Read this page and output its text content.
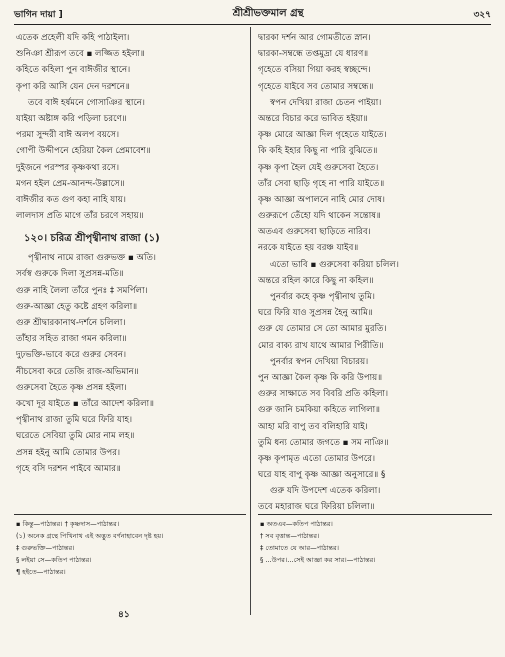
ভাগিন দায়া ]	শ্রীশ্রীভক্তমাল গ্রন্থ	৩২৭
এতেক প্রহেলী যদি কহি পাঠাইলা।
শুনিঞা শ্রীরূপ তবে ▪ লজ্জিত হইলা॥
কহিতে কহিলা পুন বাঈজীর স্থানে।
কৃপা করি আসি যেন দেন দরশনে॥
তবে বাঈ হর্ষমনে গোসাঞির স্থানে।
যাইয়া অষ্টাঙ্গ করি পড়িলা চরণে॥
পরমা সুন্দরী বাঈ অলপ বয়সে।
গোপী উদ্দীপনে হেরিয়া কৈল প্রেমাবেশ॥
দুইজনে পরস্পর কৃষ্ণকথা রসে।
মগন হইল প্রেম-আনন্দ-উল্লাসে॥
বাঈজীর কত গুণ কহা নাহি যায়।
লালদাস প্রতি মাগে তাঁর চরণে সহায়॥
১২০। চরিত্র শ্রীপৃথ্বীনাথ রাজা (১)
পৃথ্বীনাথ নামে রাজা গুরুভক্ত ▪ অতি।
সর্বস্ব গুরুকে দিলা সুপ্রসন্ন-মতি॥
গুরু নাহি লৈলা তাঁরে পুনঃ ‡ সমর্পিলা।
গুরু-আজ্ঞা হেতু কষ্টে গ্রহণ করিলা॥
গুরু শ্রীদ্বারকানাথ-দর্শনে চলিলা।
তাঁহার সহিত রাজা গমন করিলা॥
দুঢ়ভক্তি-ভাবে করে গুরুর সেবন।
নীচসেবা করে তেজি রাজ-অভিমান॥
গুরুসেবা হৈতে কৃষ্ণ প্রসন্ন হইলা।
কখো দূর যাইতে ▪ তাঁরে আদেশ করিলা॥
পৃথ্বীনাথ রাজা তুমি ঘরে ফিরি যাহ।
ঘরেতে সেবিয়া তুমি মোর নাম লহ॥
প্রসন্ন হইনু আমি তোমার উপর।
গৃহে বসি দরশন পাইবে আমার॥
দ্বারকা দর্শন আর গোমতীতে স্নান।
দ্বারকা-সম্বন্ধে তপ্তমুদ্রা যে ধারণ॥
গৃহেতে বসিয়া গিয়া করহ স্বচ্ছন্দে।
গৃহেতে যাইবে সব তোমার সম্বন্ধে॥
স্বপন দেখিয়া রাজা চেতন পাইয়া।
অন্তরে বিচার করে ভাবিত হইয়া॥
কৃষ্ণ মোরে আজ্ঞা দিল গৃহেতে যাইতে।
কি কহি ইহার কিছু না পারি বুঝিতে॥
কৃষ্ণ কৃপা হৈল যেই গুরুসেবা হৈতে।
তাঁর সেবা ছাড়ি গৃহে না পারি যাইতে॥
কৃষ্ণ আজ্ঞা অপালনে নাহি মোর দোষ।
গুরুরূপে তেঁহো যদি থাকেন সন্তোষ॥
অতএব গুরুসেবা ছাড়িতে নারিব।
নরকে যাইতে হয় বরঞ্চ যাইব॥
এতো ভাবি ▪ গুরুসেবা করিয়া চলিল।
অন্তরে রহিল কারে কিছু না কহিল॥
পুনর্বার কহে কৃষ্ণ পৃথ্বীনাথ তুমি।
ঘরে ফিরি যাও সুপ্রসন্ন হৈনু আমি॥
গুরু যে তোমার সে তো আমার মুরতি।
মোর বাক্য রাখ যাথে আমার পিরীতি॥
পুনর্বার স্বপন দেখিয়া বিচারয়।
পুন আজ্ঞা কৈল কৃষ্ণ কি করি উপায়॥
গুরুর সাক্ষাতে সব বিবরি প্রতি কহিলা।
গুরু জানি চমকিয়া কহিতে লাগিলা॥
আহা মরি বাপু তব বলিহারি যাই।
তুমি ধন্য তোমার জগতে ▪ সম নাঞি॥
কৃষ্ণ কৃপামৃত এতো তোমার উপরে।
ঘরে যাহ বাপু কৃষ্ণ আজ্ঞা অনুসারে॥ §
গুরু যদি উপদেশ এতেক করিলা।
তবে মহারাজ ঘরে ফিরিয়া চলিলা॥
▪ কিন্তু—পাঠান্তর। † কৃষ্ণদাস—পাঠান্তর।
(১) অনেক গ্রন্থে পিখিনাথ এই অদ্ভুত বর্ণনাহাবেন দৃষ্ট হয়।
‡ গুরুভক্তি—পাঠান্তর।
§ লইয়া সে—কতিপ পাঠান্তর।
¶ হইতে—পাঠান্তর।
▪ অতএব—কতিপ পাঠান্তর।
† সব বৃত্তান্ত—পাঠান্তর।
‡ তোমাতে যে আর—পাঠান্তর।
§ ...উপর।...সেই আজ্ঞা কর সার।—পাঠান্তর।
৪১
